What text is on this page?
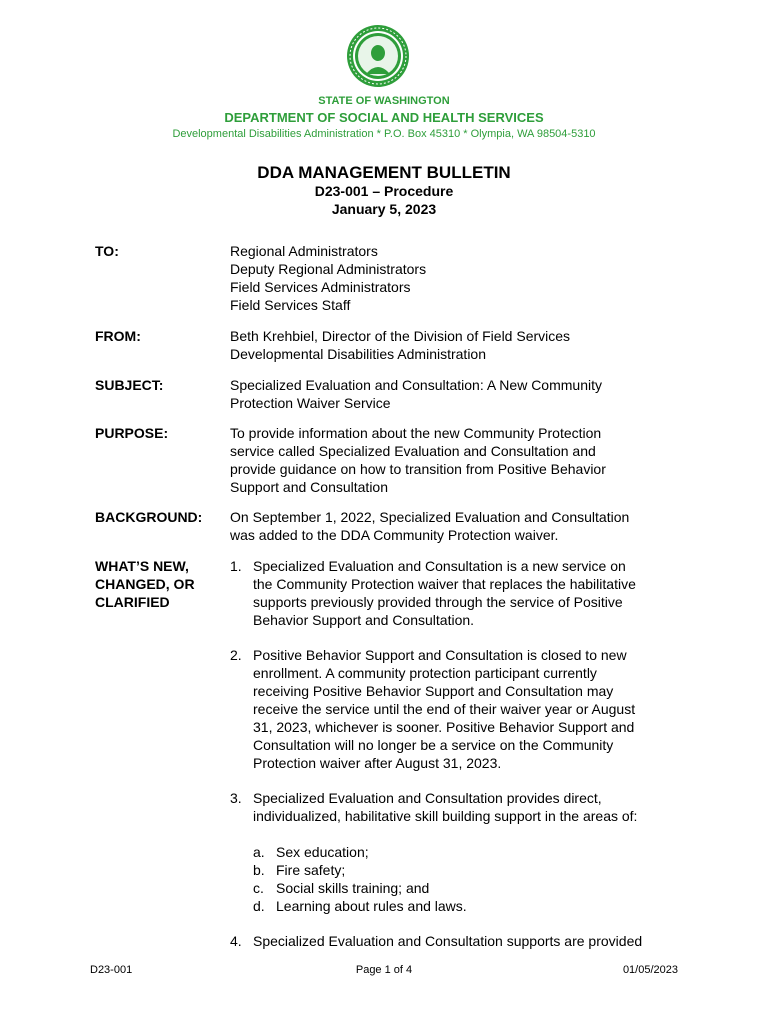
STATE OF WASHINGTON
DEPARTMENT OF SOCIAL AND HEALTH SERVICES
Developmental Disabilities Administration * P.O. Box 45310 * Olympia, WA 98504-5310
DDA MANAGEMENT BULLETIN
D23-001 – Procedure
January 5, 2023
TO:	Regional Administrators
Deputy Regional Administrators
Field Services Administrators
Field Services Staff
FROM:	Beth Krehbiel, Director of the Division of Field Services
Developmental Disabilities Administration
SUBJECT:	Specialized Evaluation and Consultation: A New Community
Protection Waiver Service
PURPOSE:	To provide information about the new Community Protection
service called Specialized Evaluation and Consultation and
provide guidance on how to transition from Positive Behavior
Support and Consultation
BACKGROUND:	On September 1, 2022, Specialized Evaluation and Consultation
was added to the DDA Community Protection waiver.
WHAT’S NEW,
CHANGED, OR
CLARIFIED
1. Specialized Evaluation and Consultation is a new service on
the Community Protection waiver that replaces the habilitative
supports previously provided through the service of Positive
Behavior Support and Consultation.
2. Positive Behavior Support and Consultation is closed to new
enrollment. A community protection participant currently
receiving Positive Behavior Support and Consultation may
receive the service until the end of their waiver year or August
31, 2023, whichever is sooner. Positive Behavior Support and
Consultation will no longer be a service on the Community
Protection waiver after August 31, 2023.
3. Specialized Evaluation and Consultation provides direct,
individualized, habilitative skill building support in the areas of:
a. Sex education;
b. Fire safety;
c. Social skills training; and
d. Learning about rules and laws.
4. Specialized Evaluation and Consultation supports are provided
D23-001	Page 1 of 4	01/05/2023
